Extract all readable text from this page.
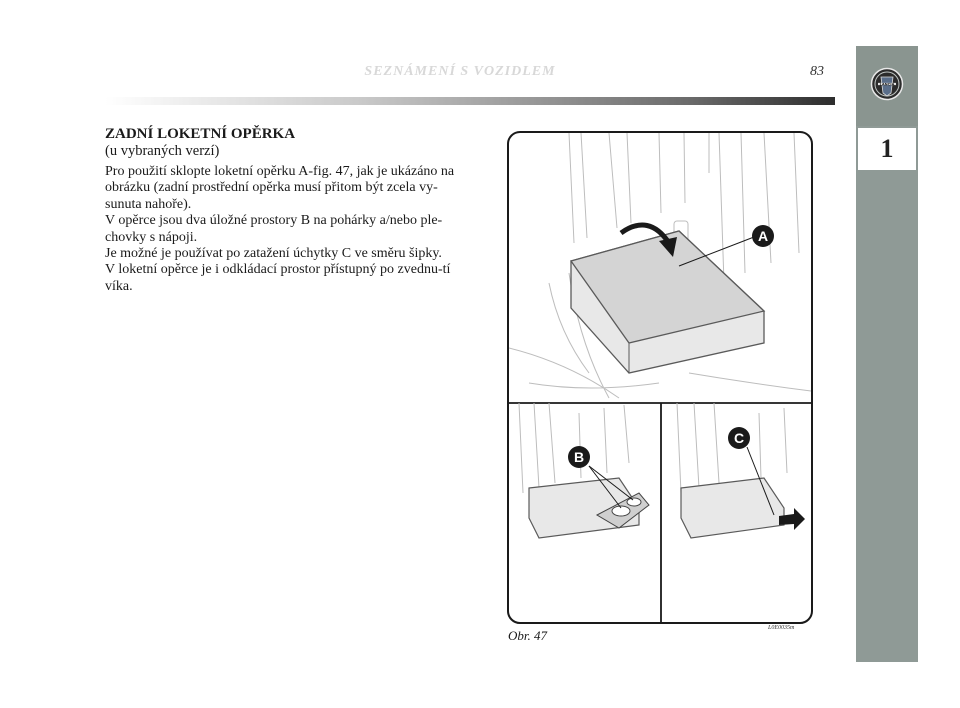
SEZNÁMENÍ S VOZIDLEM	83
LANCIA
1
ZADNÍ LOKETNÍ OPĚRKA
(u vybraných verzí)

Pro použití sklopte loketní opěrku A-fig. 47, jak je ukázáno na obrázku (zadní prostřední opěrka musí přitom být zcela vy-sunuta nahoře).

V opěrce jsou dva úložné prostory B na pohárky a/nebo ple-chovky s nápoji.

Je možné je používat po zatažení úchytky C ve směru šipky.

V loketní opěrce je i odkládací prostor přístupný po zvednu-tí víka.

A
B
C
Obr. 47	L0E0035m
